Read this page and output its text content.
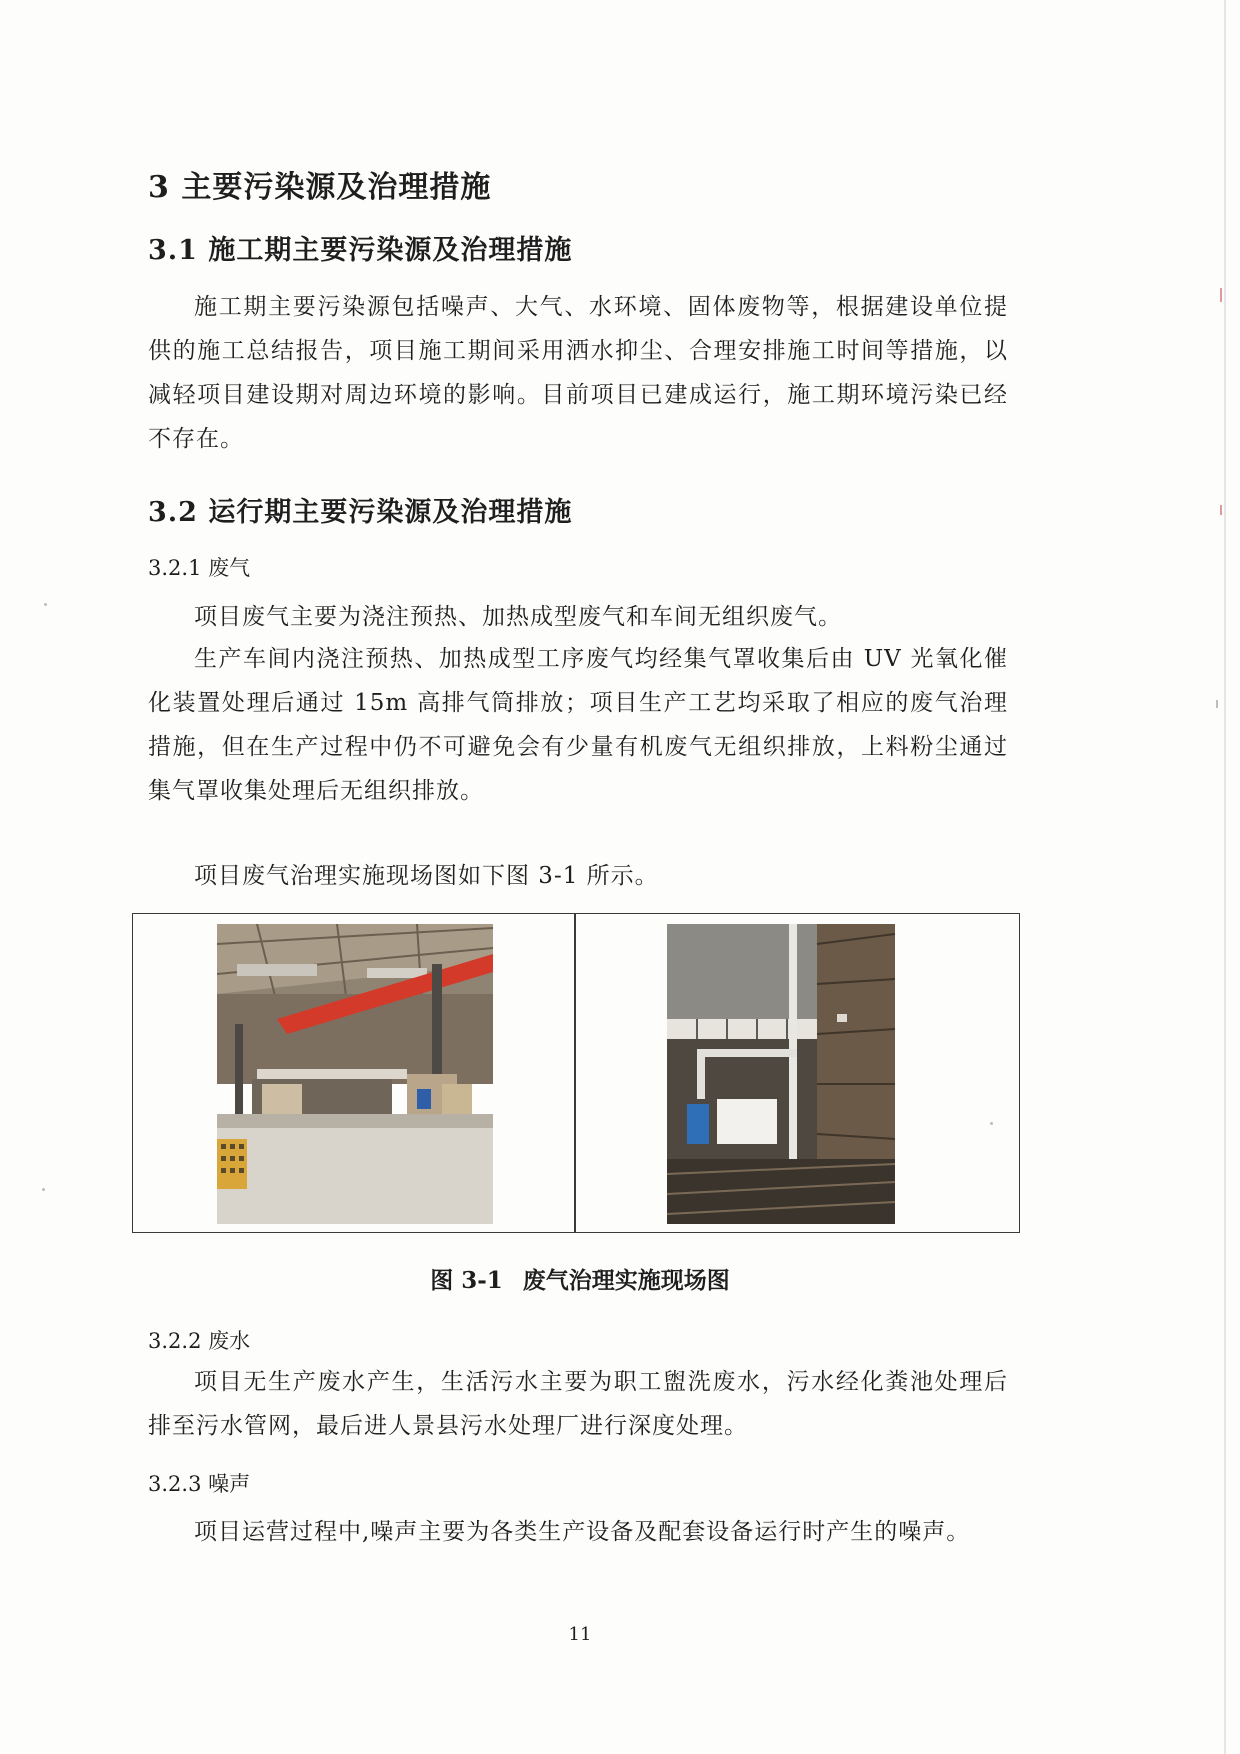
3 主要污染源及治理措施
3.1 施工期主要污染源及治理措施

施工期主要污染源包括噪声、大气、水环境、固体废物等，根据建设单位提供的施工总结报告，项目施工期间采用洒水抑尘、合理安排施工时间等措施，以减轻项目建设期对周边环境的影响。目前项目已建成运行，施工期环境污染已经不存在。

3.2 运行期主要污染源及治理措施
3.2.1 废气
项目废气主要为浇注预热、加热成型废气和车间无组织废气。

生产车间内浇注预热、加热成型工序废气均经集气罩收集后由 UV 光氧化催化装置处理后通过 15m 高排气筒排放；项目生产工艺均采取了相应的废气治理措施，但在生产过程中仍不可避免会有少量有机废气无组织排放，上料粉尘通过集气罩收集处理后无组织排放。

项目废气治理实施现场图如下图 3-1 所示。
图 3-1 废气治理实施现场图
3.2.2 废水

项目无生产废水产生，生活污水主要为职工盥洗废水，污水经化粪池处理后排至污水管网，最后进人景县污水处理厂进行深度处理。

3.2.3 噪声
项目运营过程中,噪声主要为各类生产设备及配套设备运行时产生的噪声。
11
